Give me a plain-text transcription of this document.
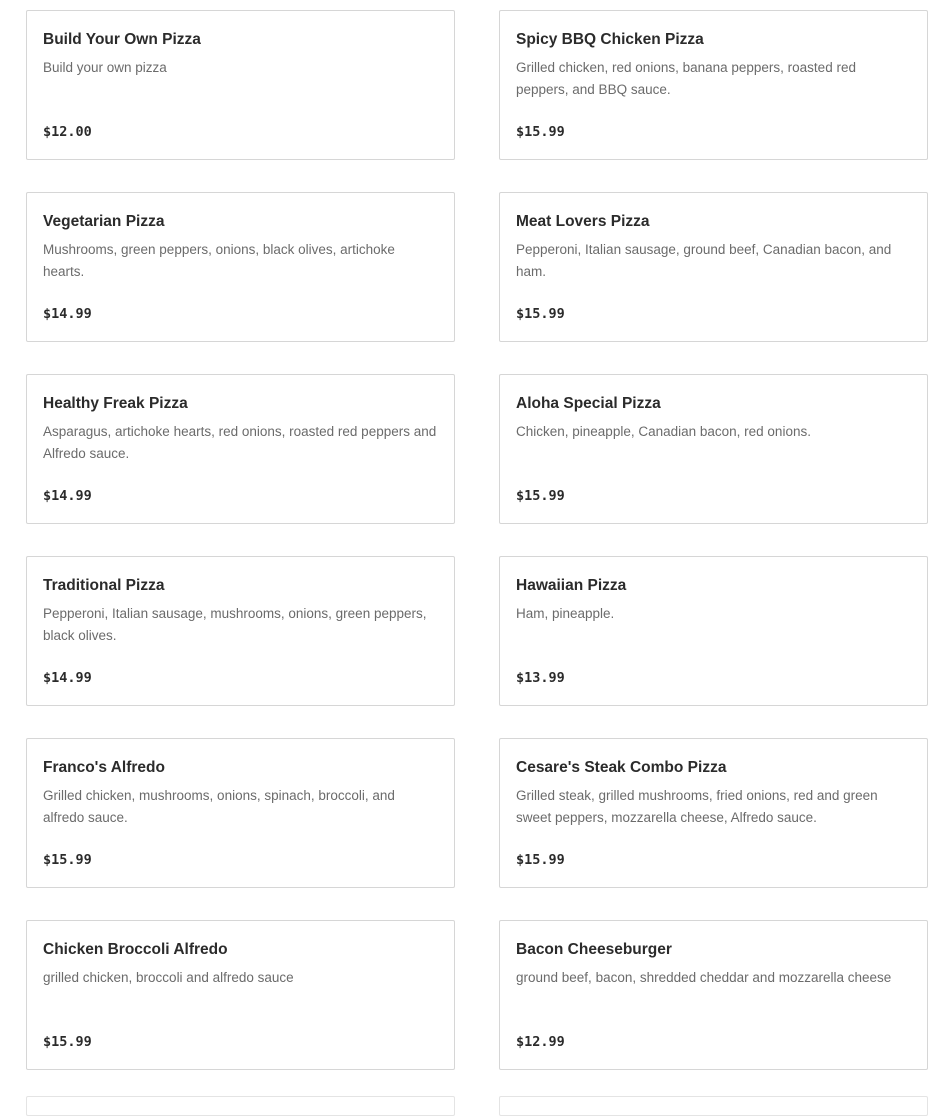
Build Your Own Pizza
Build your own pizza
$12.00
Spicy BBQ Chicken Pizza
Grilled chicken, red onions, banana peppers, roasted red peppers, and BBQ sauce.
$15.99
Vegetarian Pizza
Mushrooms, green peppers, onions, black olives, artichoke hearts.
$14.99
Meat Lovers Pizza
Pepperoni, Italian sausage, ground beef, Canadian bacon, and ham.
$15.99
Healthy Freak Pizza
Asparagus, artichoke hearts, red onions, roasted red peppers and Alfredo sauce.
$14.99
Aloha Special Pizza
Chicken, pineapple, Canadian bacon, red onions.
$15.99
Traditional Pizza
Pepperoni, Italian sausage, mushrooms, onions, green peppers, black olives.
$14.99
Hawaiian Pizza
Ham, pineapple.
$13.99
Franco's Alfredo
Grilled chicken, mushrooms, onions, spinach, broccoli, and alfredo sauce.
$15.99
Cesare's Steak Combo Pizza
Grilled steak, grilled mushrooms, fried onions, red and green sweet peppers, mozzarella cheese, Alfredo sauce.
$15.99
Chicken Broccoli Alfredo
grilled chicken, broccoli and alfredo sauce
$15.99
Bacon Cheeseburger
ground beef, bacon, shredded cheddar and mozzarella cheese
$12.99
